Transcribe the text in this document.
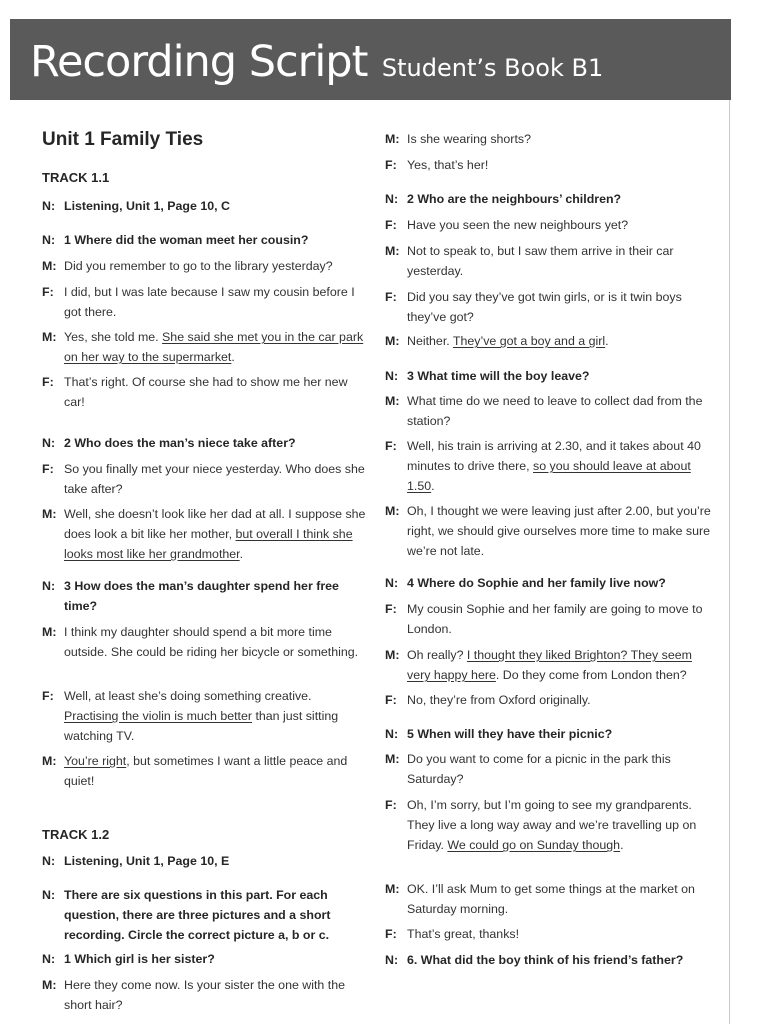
Recording Script Student’s Book B1
Unit 1 Family Ties
TRACK 1.1
N: Listening, Unit 1, Page 10, C
N: 1 Where did the woman meet her cousin?
M: Did you remember to go to the library yesterday?
F: I did, but I was late because I saw my cousin before I got there.
M: Yes, she told me. She said she met you in the car park on her way to the supermarket.
F: That’s right. Of course she had to show me her new car!
N: 2 Who does the man’s niece take after?
F: So you finally met your niece yesterday. Who does she take after?
M: Well, she doesn’t look like her dad at all. I suppose she does look a bit like her mother, but overall I think she looks most like her grandmother.
N: 3 How does the man’s daughter spend her free time?
M: I think my daughter should spend a bit more time outside. She could be riding her bicycle or something.
F: Well, at least she’s doing something creative. Practising the violin is much better than just sitting watching TV.
M: You’re right, but sometimes I want a little peace and quiet!
TRACK 1.2
N: Listening, Unit 1, Page 10, E
N: There are six questions in this part. For each question, there are three pictures and a short recording. Circle the correct picture a, b or c.
N: 1 Which girl is her sister?
M: Here they come now. Is your sister the one with the short hair?
M: Is she wearing shorts?
F: Yes, that’s her!
N: 2 Who are the neighbours’ children?
F: Have you seen the new neighbours yet?
M: Not to speak to, but I saw them arrive in their car yesterday.
F: Did you say they’ve got twin girls, or is it twin boys they’ve got?
M: Neither. They’ve got a boy and a girl.
N: 3 What time will the boy leave?
M: What time do we need to leave to collect dad from the station?
F: Well, his train is arriving at 2.30, and it takes about 40 minutes to drive there, so you should leave at about 1.50.
M: Oh, I thought we were leaving just after 2.00, but you’re right, we should give ourselves more time to make sure we’re not late.
N: 4 Where do Sophie and her family live now?
F: My cousin Sophie and her family are going to move to London.
M: Oh really? I thought they liked Brighton? They seem very happy here. Do they come from London then?
F: No, they’re from Oxford originally.
N: 5 When will they have their picnic?
M: Do you want to come for a picnic in the park this Saturday?
F: Oh, I’m sorry, but I’m going to see my grandparents. They live a long way away and we’re travelling up on Friday. We could go on Sunday though.
M: OK. I’ll ask Mum to get some things at the market on Saturday morning.
F: That’s great, thanks!
N: 6. What did the boy think of his friend’s father?
